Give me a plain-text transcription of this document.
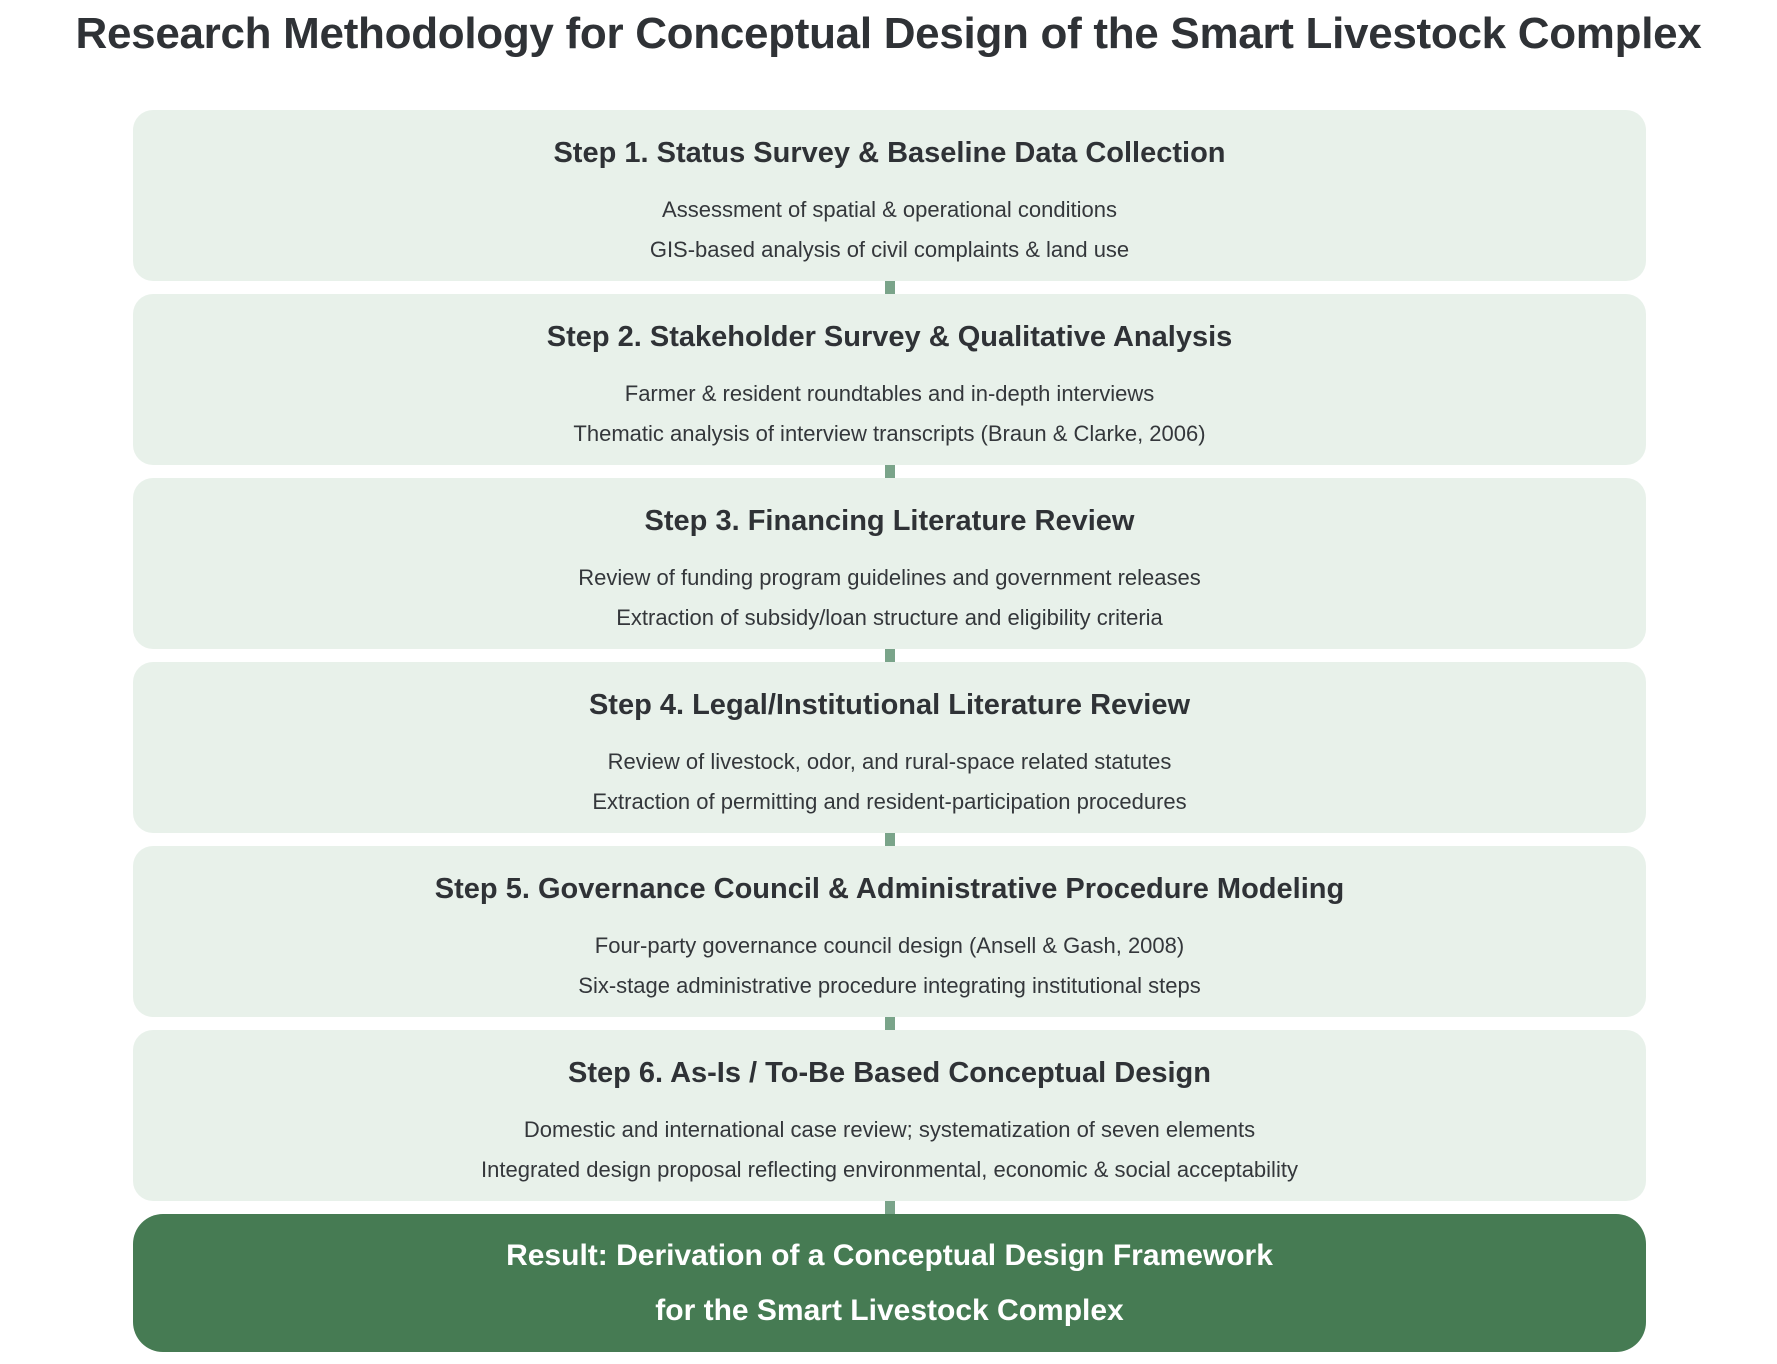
Research Methodology for Conceptual Design of the Smart Livestock Complex
Step 1. Status Survey & Baseline Data Collection
Assessment of spatial & operational conditions
GIS-based analysis of civil complaints & land use
Step 2. Stakeholder Survey & Qualitative Analysis
Farmer & resident roundtables and in-depth interviews
Thematic analysis of interview transcripts (Braun & Clarke, 2006)
Step 3. Financing Literature Review
Review of funding program guidelines and government releases
Extraction of subsidy/loan structure and eligibility criteria
Step 4. Legal/Institutional Literature Review
Review of livestock, odor, and rural-space related statutes
Extraction of permitting and resident-participation procedures
Step 5. Governance Council & Administrative Procedure Modeling
Four-party governance council design (Ansell & Gash, 2008)
Six-stage administrative procedure integrating institutional steps
Step 6. As-Is / To-Be Based Conceptual Design
Domestic and international case review; systematization of seven elements
Integrated design proposal reflecting environmental, economic & social acceptability
Result: Derivation of a Conceptual Design Framework
for the Smart Livestock Complex
